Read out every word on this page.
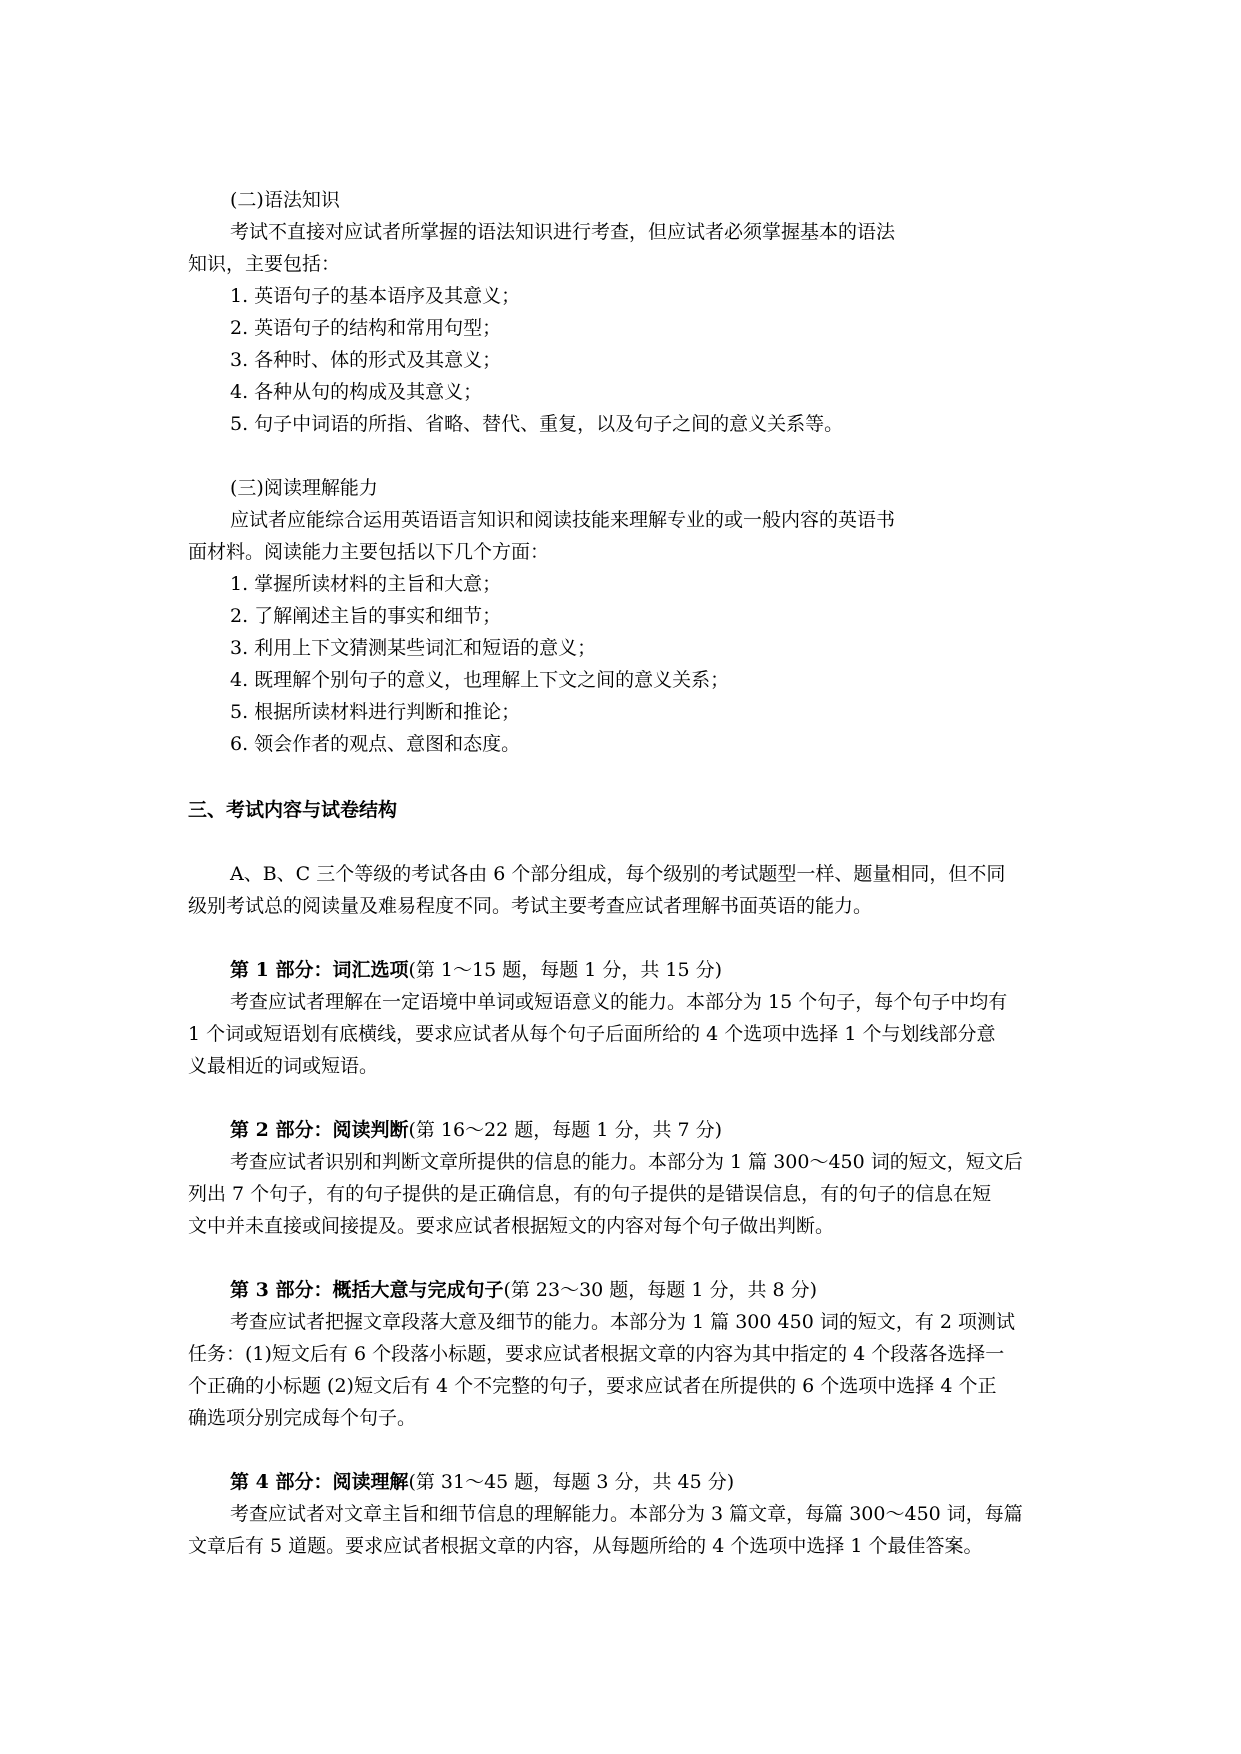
(二)语法知识

考试不直接对应试者所掌握的语法知识进行考查，但应试者必须掌握基本的语法

知识，主要包括：

1. 英语句子的基本语序及其意义；

2. 英语句子的结构和常用句型；

3. 各种时、体的形式及其意义；

4. 各种从句的构成及其意义；

5. 句子中词语的所指、省略、替代、重复，以及句子之间的意义关系等。

(三)阅读理解能力

应试者应能综合运用英语语言知识和阅读技能来理解专业的或一般内容的英语书

面材料。阅读能力主要包括以下几个方面：

1. 掌握所读材料的主旨和大意；

2. 了解阐述主旨的事实和细节；

3. 利用上下文猜测某些词汇和短语的意义；

4. 既理解个别句子的意义，也理解上下文之间的意义关系；

5. 根据所读材料进行判断和推论；

6. 领会作者的观点、意图和态度。

三、考试内容与试卷结构

A、B、C 三个等级的考试各由 6 个部分组成，每个级别的考试题型一样、题量相同，但不同

级别考试总的阅读量及难易程度不同。考试主要考查应试者理解书面英语的能力。

第 1 部分：词汇选项(第 1～15 题，每题 1 分，共 15 分)

考查应试者理解在一定语境中单词或短语意义的能力。本部分为 15 个句子，每个句子中均有

1 个词或短语划有底横线，要求应试者从每个句子后面所给的 4 个选项中选择 1 个与划线部分意

义最相近的词或短语。

第 2 部分：阅读判断(第 16～22 题，每题 1 分，共 7 分)

考查应试者识别和判断文章所提供的信息的能力。本部分为 1 篇 300～450 词的短文，短文后

列出 7 个句子，有的句子提供的是正确信息，有的句子提供的是错误信息，有的句子的信息在短

文中并未直接或间接提及。要求应试者根据短文的内容对每个句子做出判断。

第 3 部分：概括大意与完成句子(第 23～30 题，每题 1 分，共 8 分)

考查应试者把握文章段落大意及细节的能力。本部分为 1 篇 300 450 词的短文，有 2 项测试

任务：(1)短文后有 6 个段落小标题，要求应试者根据文章的内容为其中指定的 4 个段落各选择一

个正确的小标题 (2)短文后有 4 个不完整的句子，要求应试者在所提供的 6 个选项中选择 4 个正

确选项分别完成每个句子。

第 4 部分：阅读理解(第 31～45 题，每题 3 分，共 45 分)

考查应试者对文章主旨和细节信息的理解能力。本部分为 3 篇文章，每篇 300～450 词，每篇

文章后有 5 道题。要求应试者根据文章的内容，从每题所给的 4 个选项中选择 1 个最佳答案。
